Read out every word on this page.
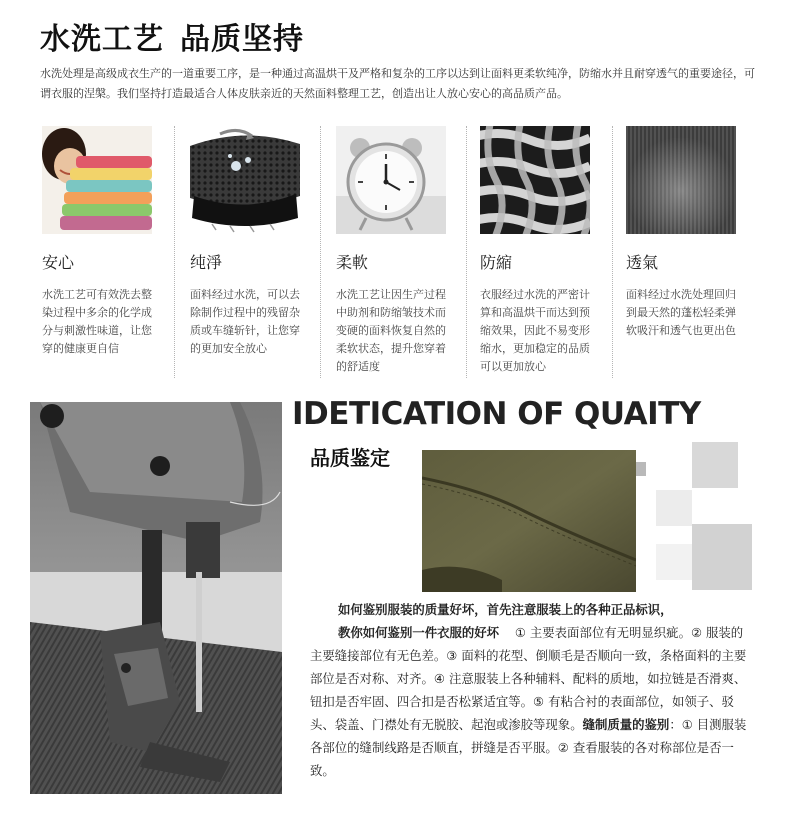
水洗工艺 品质坚持

水洗处理是高级成衣生产的一道重要工序，是一种通过高温烘干及严格和复杂的工序以达到让面料更柔软纯净，防缩水并且耐穿透气的重要途径，可谓衣服的涅槃。我们坚持打造最适合人体皮肤亲近的天然面料整理工艺，创造出让人放心安心的高品质产品。

安心

水洗工艺可有效洗去整染过程中多余的化学成分与刺激性味道，让您穿的健康更自信

纯淨

面料经过水洗，可以去除制作过程中的残留杂质或车缝斩针，让您穿的更加安全放心

柔軟

水洗工艺让因生产过程中助剂和防缩皱技术而变硬的面料恢复自然的柔软状态，提升您穿着的舒适度

防縮

衣服经过水洗的严密计算和高温烘干而达到预缩效果，因此不易变形缩水，更加稳定的品质可以更加放心

透氣

面料经过水洗处理回归到最天然的蓬松轻柔弹软吸汗和透气也更出色

IDETICATION OF QUAITY
品质鉴定

如何鉴别服装的质量好坏，首先注意服装上的各种正品标识，
教你如何鉴别一件衣服的好坏 ① 主要表面部位有无明显织疵。② 服装的主要缝接部位有无色差。③ 面料的花型、倒顺毛是否顺向一致，条格面料的主要部位是否对称、对齐。④ 注意服装上各种辅料、配料的质地，如拉链是否滑爽、钮扣是否牢固、四合扣是否松紧适宜等。⑤ 有粘合衬的表面部位，如领子、驳头、袋盖、门襟处有无脱胶、起泡或渗胶等现象。缝制质量的鉴别：① 目测服装各部位的缝制线路是否顺直，拼缝是否平服。② 查看服装的各对称部位是否一致。
